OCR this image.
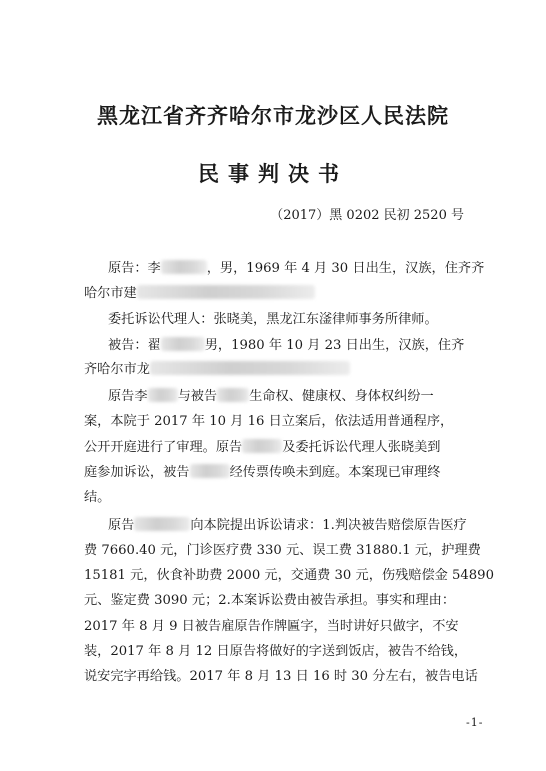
黑龙江省齐齐哈尔市龙沙区人民法院
民事判决书
（2017）黑 0202 民初 2520 号
原告：李	，男，1969 年 4 月 30 日出生，汉族，住齐齐
哈尔市建
委托诉讼代理人：张晓美，黑龙江东滏律师事务所律师。
被告：翟	男，1980 年 10 月 23 日出生，汉族，住齐
齐哈尔市龙
原告李 与被告 生命权、健康权、身体权纠纷一
案，本院于 2017 年 10 月 16 日立案后，依法适用普通程序，
公开开庭进行了审理。原告	及委托诉讼代理人张晓美到
庭参加诉讼，被告	经传票传唤未到庭。本案现已审理终
结。
原告	向本院提出诉讼请求：1.判决被告赔偿原告医疗
费 7660.40 元，门诊医疗费 330 元、误工费 31880.1 元，护理费
15181 元，伙食补助费 2000 元，交通费 30 元，伤残赔偿金 54890
元、鉴定费 3090 元；2.本案诉讼费由被告承担。事实和理由：
2017 年 8 月 9 日被告雇原告作牌匾字，当时讲好只做字，不安
装，2017 年 8 月 12 日原告将做好的字送到饭店，被告不给钱，
说安完字再给钱。2017 年 8 月 13 日 16 时 30 分左右，被告电话
-1-
